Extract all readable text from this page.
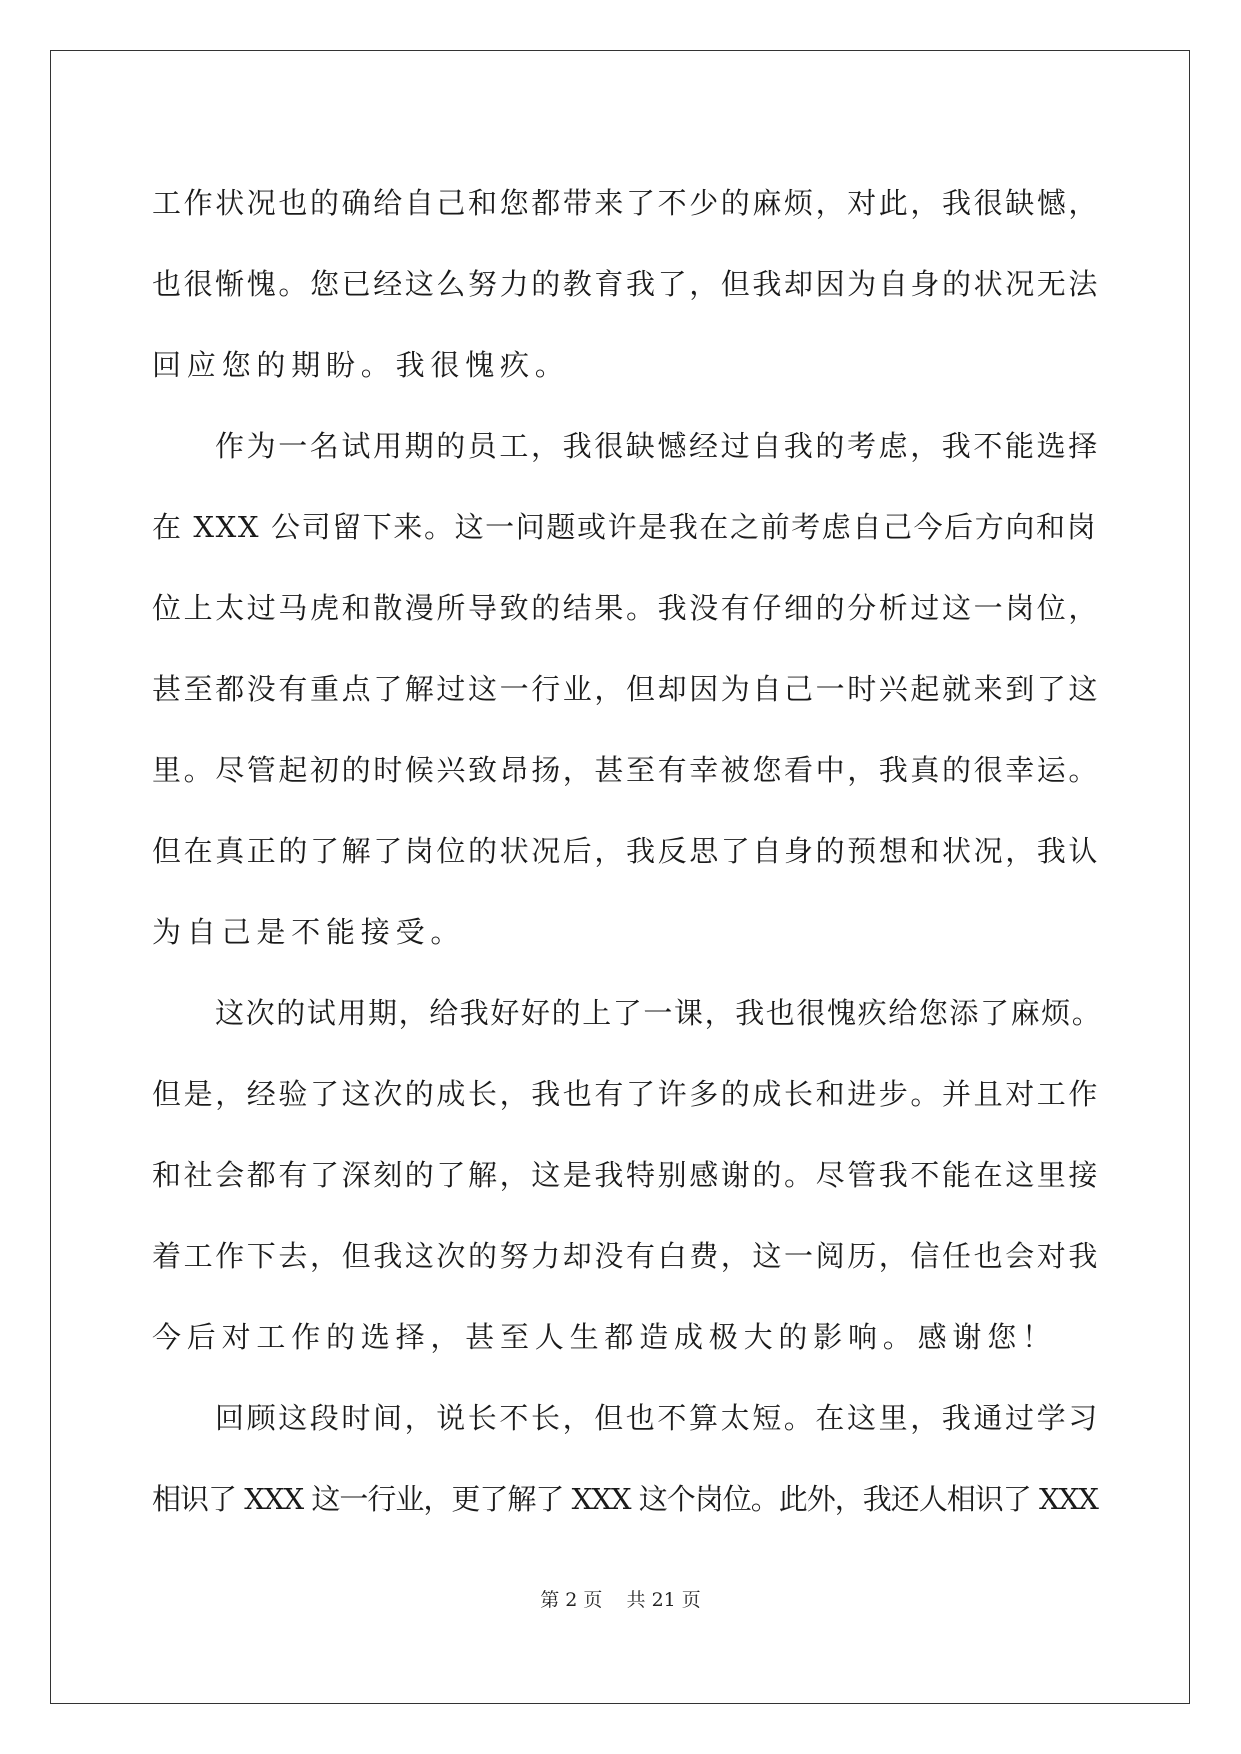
工作状况也的确给自己和您都带来了不少的麻烦，对此，我很缺憾，
也很惭愧。您已经这么努力的教育我了，但我却因为自身的状况无法
回应您的期盼。我很愧疚。
作为一名试用期的员工，我很缺憾经过自我的考虑，我不能选择
在 XXX 公司留下来。这一问题或许是我在之前考虑自己今后方向和岗
位上太过马虎和散漫所导致的结果。我没有仔细的分析过这一岗位，
甚至都没有重点了解过这一行业，但却因为自己一时兴起就来到了这
里。尽管起初的时候兴致昂扬，甚至有幸被您看中，我真的很幸运。
但在真正的了解了岗位的状况后，我反思了自身的预想和状况，我认
为自己是不能接受。
这次的试用期，给我好好的上了一课，我也很愧疚给您添了麻烦。
但是，经验了这次的成长，我也有了许多的成长和进步。并且对工作
和社会都有了深刻的了解，这是我特别感谢的。尽管我不能在这里接
着工作下去，但我这次的努力却没有白费，这一阅历，信任也会对我
今后对工作的选择，甚至人生都造成极大的影响。感谢您！
回顾这段时间，说长不长，但也不算太短。在这里，我通过学习
相识了 XXX 这一行业，更了解了 XXX 这个岗位。此外，我还人相识了 XXX
第 2 页    共 21 页
